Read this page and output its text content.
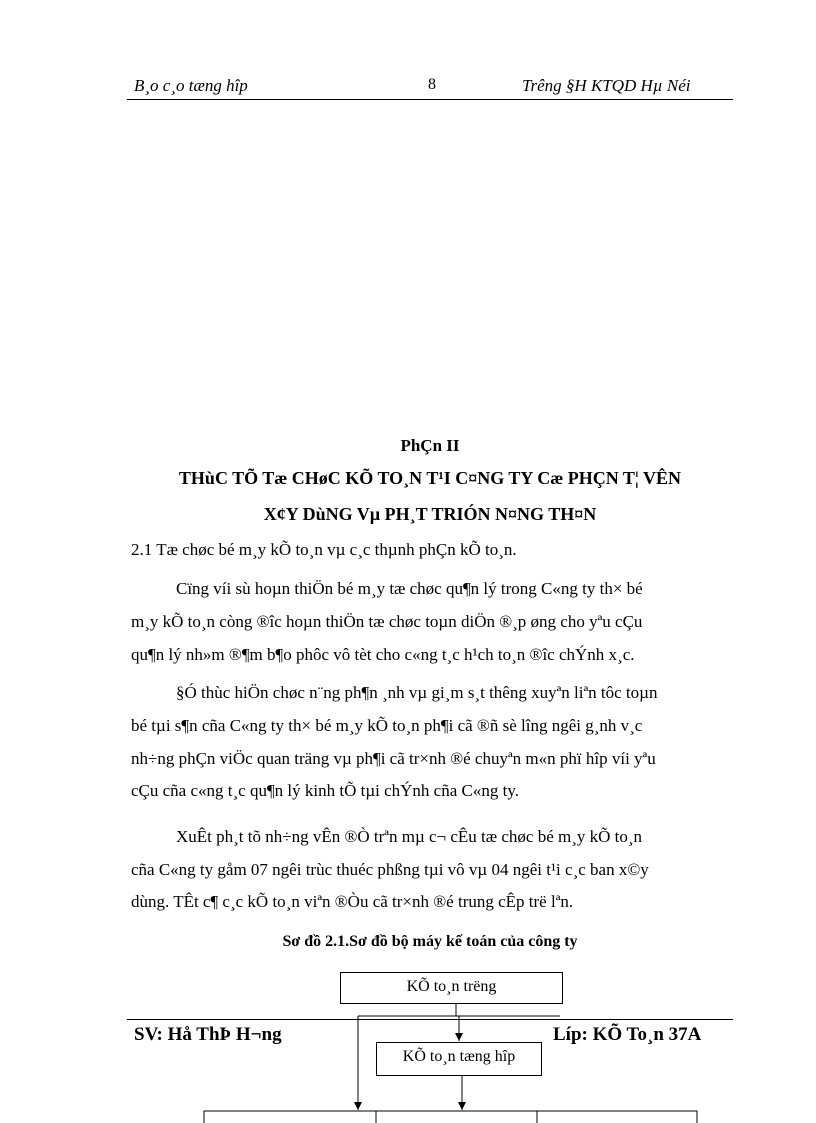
B¸o c¸o tæng hîp	8	Trêng §H KTQD Hµ Néi
PhÇn II
THùC TÕ Tæ CHøC KÕ TO¸N T¹I C¤NG TY Cæ PHÇN T¦ VÊN
X¢Y DùNG Vµ PH¸T TRIÓN N¤NG TH¤N
2.1 Tæ chøc bé m¸y kÕ to¸n vµ c¸c thµnh phÇn kÕ to¸n.
Cïng víi sù hoµn thiÖn bé m¸y tæ chøc qu¶n lý trong C«ng ty th× bé
m¸y kÕ to¸n còng ®îc hoµn thiÖn tæ chøc toµn diÖn ®¸p øng cho yªu cÇu
qu¶n lý nh»m ®¶m b¶o phôc vô tèt cho c«ng t¸c h¹ch to¸n ®îc chÝnh x¸c.
§Ó thùc hiÖn chøc n¨ng ph¶n ¸nh vµ gi¸m s¸t thêng xuyªn liªn tôc toµn
bé tµi s¶n cña C«ng ty th× bé m¸y kÕ to¸n ph¶i cã ®ñ sè lîng ngêi g¸nh v¸c
nh÷ng phÇn viÖc quan träng vµ ph¶i cã tr×nh ®é chuyªn m«n phï hîp víi yªu
cÇu cña c«ng t¸c qu¶n lý kinh tÕ tµi chÝnh cña C«ng ty.
XuÊt ph¸t tõ nh÷ng vÊn ®Ò trªn mµ c¬ cÊu tæ chøc bé m¸y kÕ to¸n
cña C«ng ty gåm 07 ngêi trùc thuéc phßng tµi vô vµ 04 ngêi t¹i c¸c ban x©y
dùng. TÊt c¶ c¸c kÕ to¸n viªn ®Òu cã tr×nh ®é trung cÊp trë lªn.
Sơ đồ 2.1.Sơ đồ bộ máy kế toán của công ty
KÕ to¸n trëng
SV: Hå ThÞ H¬ng	Líp: KÕ To¸n 37A
KÕ to¸n tæng hîp
